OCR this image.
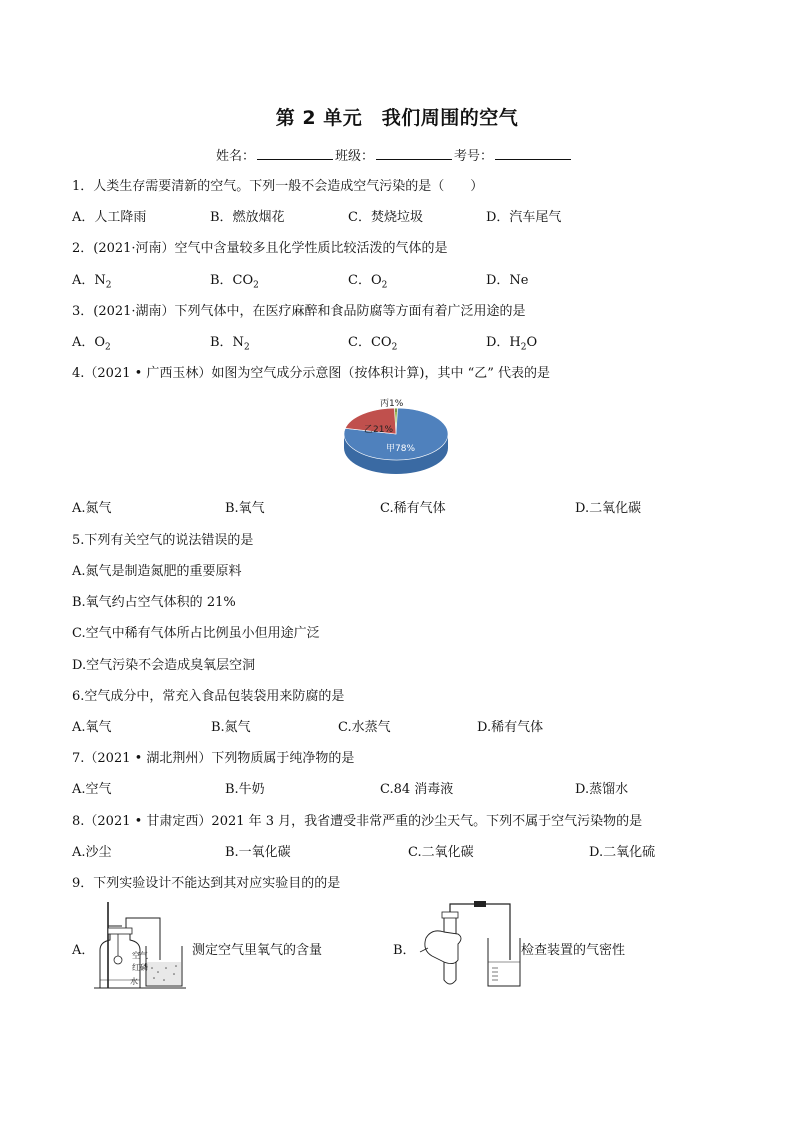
第 2 单元　我们周围的空气
姓名：	班级：	考号：
1．人类生存需要清新的空气。下列一般不会造成空气污染的是（　　）
A．人工降雨	B．燃放烟花	C．焚烧垃圾	D．汽车尾气
2．(2021·河南）空气中含量较多且化学性质比较活泼的气体的是
A．$N_2$	B．$CO_2$	C．$O_2$	D．Ne
3．(2021·湖南）下列气体中，在医疗麻醉和食品防腐等方面有着广泛用途的是
A．$O_2$	B．$N_2$	C．$CO_2$	D．$H_2O$
4.（2021 • 广西玉林）如图为空气成分示意图（按体积计算)，其中 “乙” 代表的是
丙1%
乙21%
甲78%
A.氮气	B.氧气	C.稀有气体	D.二氧化碳
5.下列有关空气的说法错误的是
A.氮气是制造氮肥的重要原料
B.氧气约占空气体积的 21%
C.空气中稀有气体所占比例虽小但用途广泛
D.空气污染不会造成臭氧层空洞
6.空气成分中，常充入食品包装袋用来防腐的是
A.氧气	B.氮气	C.水蒸气	D.稀有气体
7.（2021 • 湖北荆州）下列物质属于纯净物的是
A.空气	B.牛奶	C.84 消毒液	D.蒸馏水
8.（2021 • 甘肃定西）2021 年 3 月，我省遭受非常严重的沙尘天气。下列不属于空气污染物的是
A.沙尘	B.一氧化碳	C.二氧化碳	D.二氧化硫
9．下列实验设计不能达到其对应实验目的的是
A．	空气
红磷
水
测定空气里氧气的含量	B．	检查装置的气密性
